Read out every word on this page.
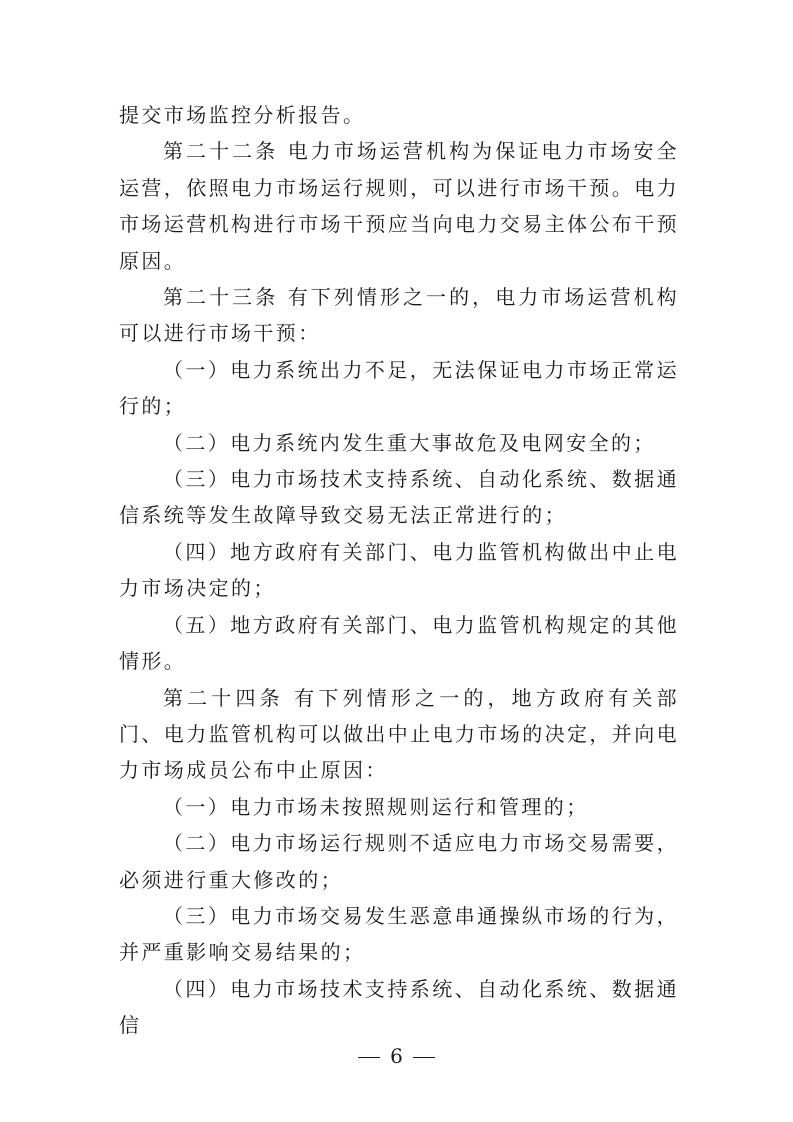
提交市场监控分析报告。

第二十二条 电力市场运营机构为保证电力市场安全运营，依照电力市场运行规则，可以进行市场干预。电力市场运营机构进行市场干预应当向电力交易主体公布干预原因。

第二十三条 有下列情形之一的，电力市场运营机构可以进行市场干预：

（一）电力系统出力不足，无法保证电力市场正常运行的；

（二）电力系统内发生重大事故危及电网安全的；

（三）电力市场技术支持系统、自动化系统、数据通信系统等发生故障导致交易无法正常进行的；

（四）地方政府有关部门、电力监管机构做出中止电力市场决定的；

（五）地方政府有关部门、电力监管机构规定的其他情形。

第二十四条 有下列情形之一的，地方政府有关部门、电力监管机构可以做出中止电力市场的决定，并向电力市场成员公布中止原因：

（一）电力市场未按照规则运行和管理的；

（二）电力市场运行规则不适应电力市场交易需要，必须进行重大修改的；

（三）电力市场交易发生恶意串通操纵市场的行为，并严重影响交易结果的；

（四）电力市场技术支持系统、自动化系统、数据通信

6
